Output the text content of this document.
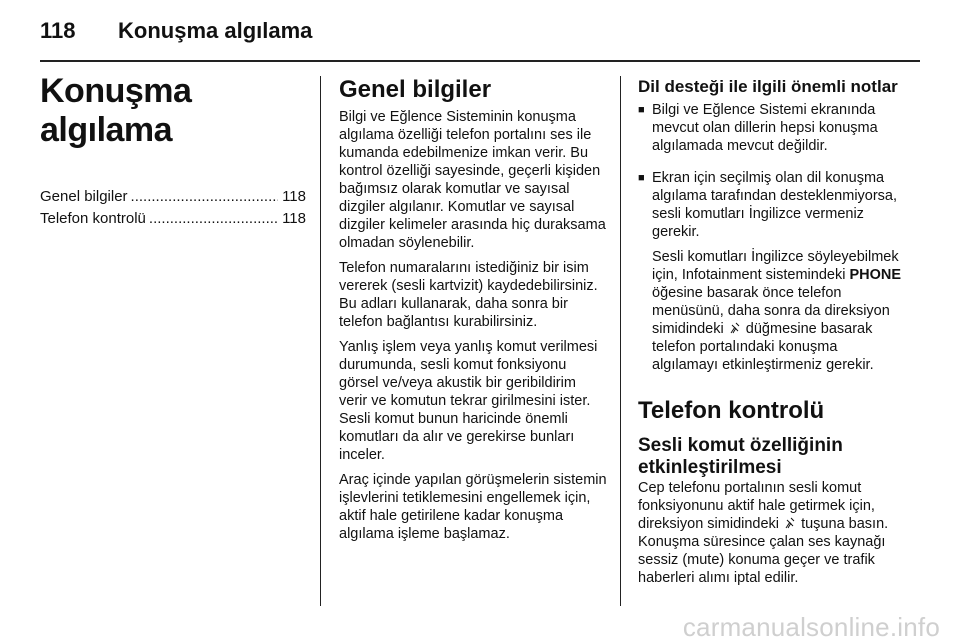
118 Konuşma algılama
Konuşma algılama
Genel bilgiler .....	118
Telefon kontrolü .....	118
Genel bilgiler

Bilgi ve Eğlence Sisteminin konuşma algılama özelliği telefon portalını ses ile kumanda edebilmenize imkan verir. Bu kontrol özelliği sayesinde, geçerli kişiden bağımsız olarak komutlar ve sayısal dizgiler algılanır. Komutlar ve sayısal dizgiler kelimeler arasında hiç duraksama olmadan söylenebilir.

Telefon numaralarını istediğiniz bir isim vererek (sesli kartvizit) kaydedebilirsiniz. Bu adları kullanarak, daha sonra bir telefon bağlantısı kurabilirsiniz.

Yanlış işlem veya yanlış komut verilmesi durumunda, sesli komut fonksiyonu görsel ve/veya akustik bir geribildirim verir ve komutun tekrar girilmesini ister. Sesli komut bunun haricinde önemli komutları da alır ve gerekirse bunları inceler.

Araç içinde yapılan görüşmelerin sistemin işlevlerini tetiklemesini engellemek için, aktif hale getirilene kadar konuşma algılama işleme başlamaz.

Dil desteği ile ilgili önemli notlar
■ Bilgi ve Eğlence Sistemi ekranında mevcut olan dillerin hepsi konuşma algılamada mevcut değildir.

■ Ekran için seçilmiş olan dil konuşma algılama tarafından desteklenmiyorsa, sesli komutları İngilizce vermeniz gerekir.

Sesli komutları İngilizce söyleyebilmek için, Infotainment sistemindeki PHONE öğesine basarak önce telefon menüsünü, daha sonra da direksiyon simidindeki düğmesine basarak telefon portalındaki konuşma algılamayı etkinleştirmeniz gerekir.

Telefon kontrolü
Sesli komut özelliğinin
etkinleştirilmesi

Cep telefonu portalının sesli komut fonksiyonunu aktif hale getirmek için, direksiyon simidindeki tuşuna basın. Konuşma süresince çalan ses kaynağı sessiz (mute) konuma geçer ve trafik haberleri alımı iptal edilir.

carmanualsonline.info
